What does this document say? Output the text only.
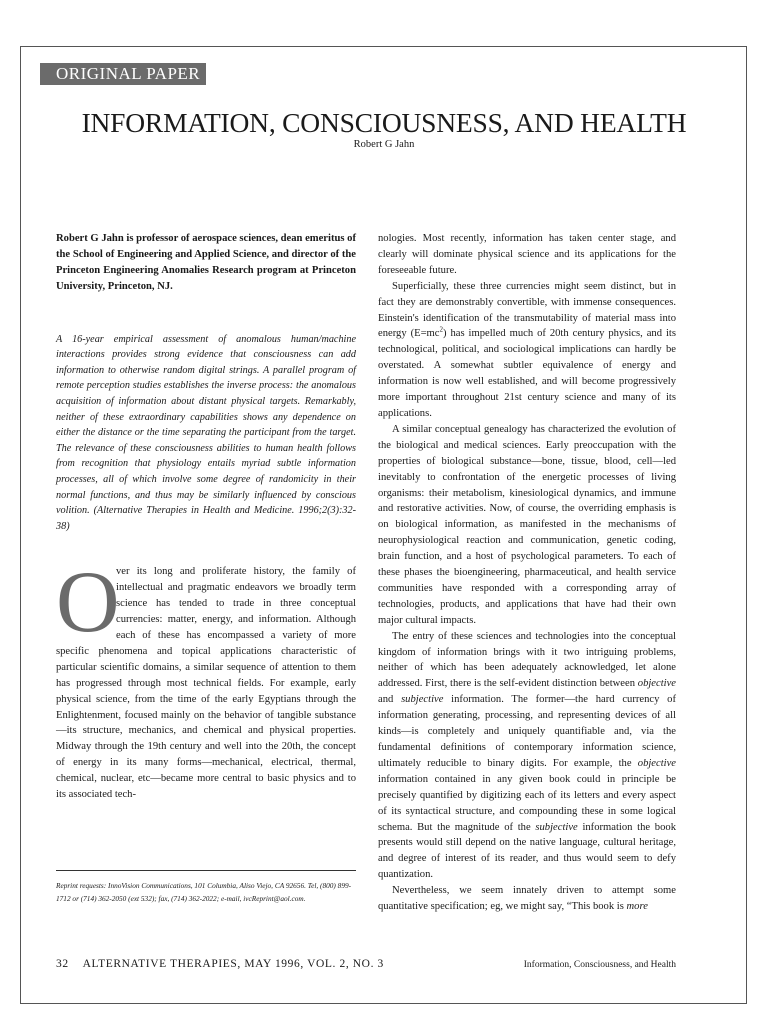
ORIGINAL PAPER
INFORMATION, CONSCIOUSNESS, AND HEALTH
Robert G Jahn

Robert G Jahn is professor of aerospace sciences, dean emeritus of the School of Engineering and Applied Science, and director of the Princeton Engineering Anomalies Research program at Princeton University, Princeton, NJ.

A 16-year empirical assessment of anomalous human/machine interactions provides strong evidence that consciousness can add information to otherwise random digital strings. A parallel program of remote perception studies establishes the inverse process: the anomalous acquisition of information about distant physical targets. Remarkably, neither of these extraordinary capabilities shows any dependence on either the distance or the time separating the participant from the target. The relevance of these consciousness abilities to human health follows from recognition that physiology entails myriad subtle information processes, all of which involve some degree of randomicity in their normal functions, and thus may be similarly influenced by conscious volition. (Alternative Therapies in Health and Medicine. 1996;2(3):32-38)

O

ver its long and proliferate history, the family of intellectual and pragmatic endeavors we broadly term science has tended to trade in three conceptual currencies: matter, energy, and information. Although each of these has encompassed a variety of more specific phenomena and topical applications characteristic of particular scientific domains, a similar sequence of attention to them has progressed through most technical fields. For example, early physical science, from the time of the early Egyptians through the Enlightenment, focused mainly on the behavior of tangible substance—its structure, mechanics, and chemical and physical properties. Midway through the 19th century and well into the 20th, the concept of energy in its many forms—mechanical, electrical, thermal, chemical, nuclear, etc—became more central to basic physics and to its associated tech-

nologies. Most recently, information has taken center stage, and clearly will dominate physical science and its applications for the foreseeable future.

Superficially, these three currencies might seem distinct, but in fact they are demonstrably convertible, with immense consequences. Einstein's identification of the transmutability of material mass into energy $(E=mc^2)$ has impelled much of 20th century physics, and its technological, political, and sociological implications can hardly be overstated. A somewhat subtler equivalence of energy and information is now well established, and will become progressively more important throughout 21st century science and many of its applications.

A similar conceptual genealogy has characterized the evolution of the biological and medical sciences. Early preoccupation with the properties of biological substance—bone, tissue, blood, cell—led inevitably to confrontation of the energetic processes of living organisms: their metabolism, kinesiological dynamics, and immune and restorative activities. Now, of course, the overriding emphasis is on biological information, as manifested in the mechanisms of neurophysiological reaction and communication, genetic coding, brain function, and a host of psychological parameters. To each of these phases the bioengineering, pharmaceutical, and health service communities have responded with a corresponding array of technologies, products, and applications that have had their own major cultural impacts.

The entry of these sciences and technologies into the conceptual kingdom of information brings with it two intriguing problems, neither of which has been adequately acknowledged, let alone addressed. First, there is the self-evident distinction between objective and subjective information. The former—the hard currency of information generating, processing, and representing devices of all kinds—is completely and uniquely quantifiable and, via the fundamental definitions of contemporary information science, ultimately reducible to binary digits. For example, the objective information contained in any given book could in principle be precisely quantified by digitizing each of its letters and every aspect of its syntactical structure, and compounding these in some logical schema. But the magnitude of the subjective information the book presents would still depend on the native language, cultural heritage, and degree of interest of its reader, and thus would seem to defy quantization.

Nevertheless, we seem innately driven to attempt some quantitative specification; eg, we might say, “This book is more

Reprint requests: InnoVision Communications, 101 Columbia, Aliso Viejo, CA 92656. Tel, (800) 899-1712 or (714) 362-2050 (ext 532); fax, (714) 362-2022; e-mail, ivcReprint@aol.com.
32 ALTERNATIVE THERAPIES, MAY 1996, VOL. 2, NO. 3	Information, Consciousness, and Health
